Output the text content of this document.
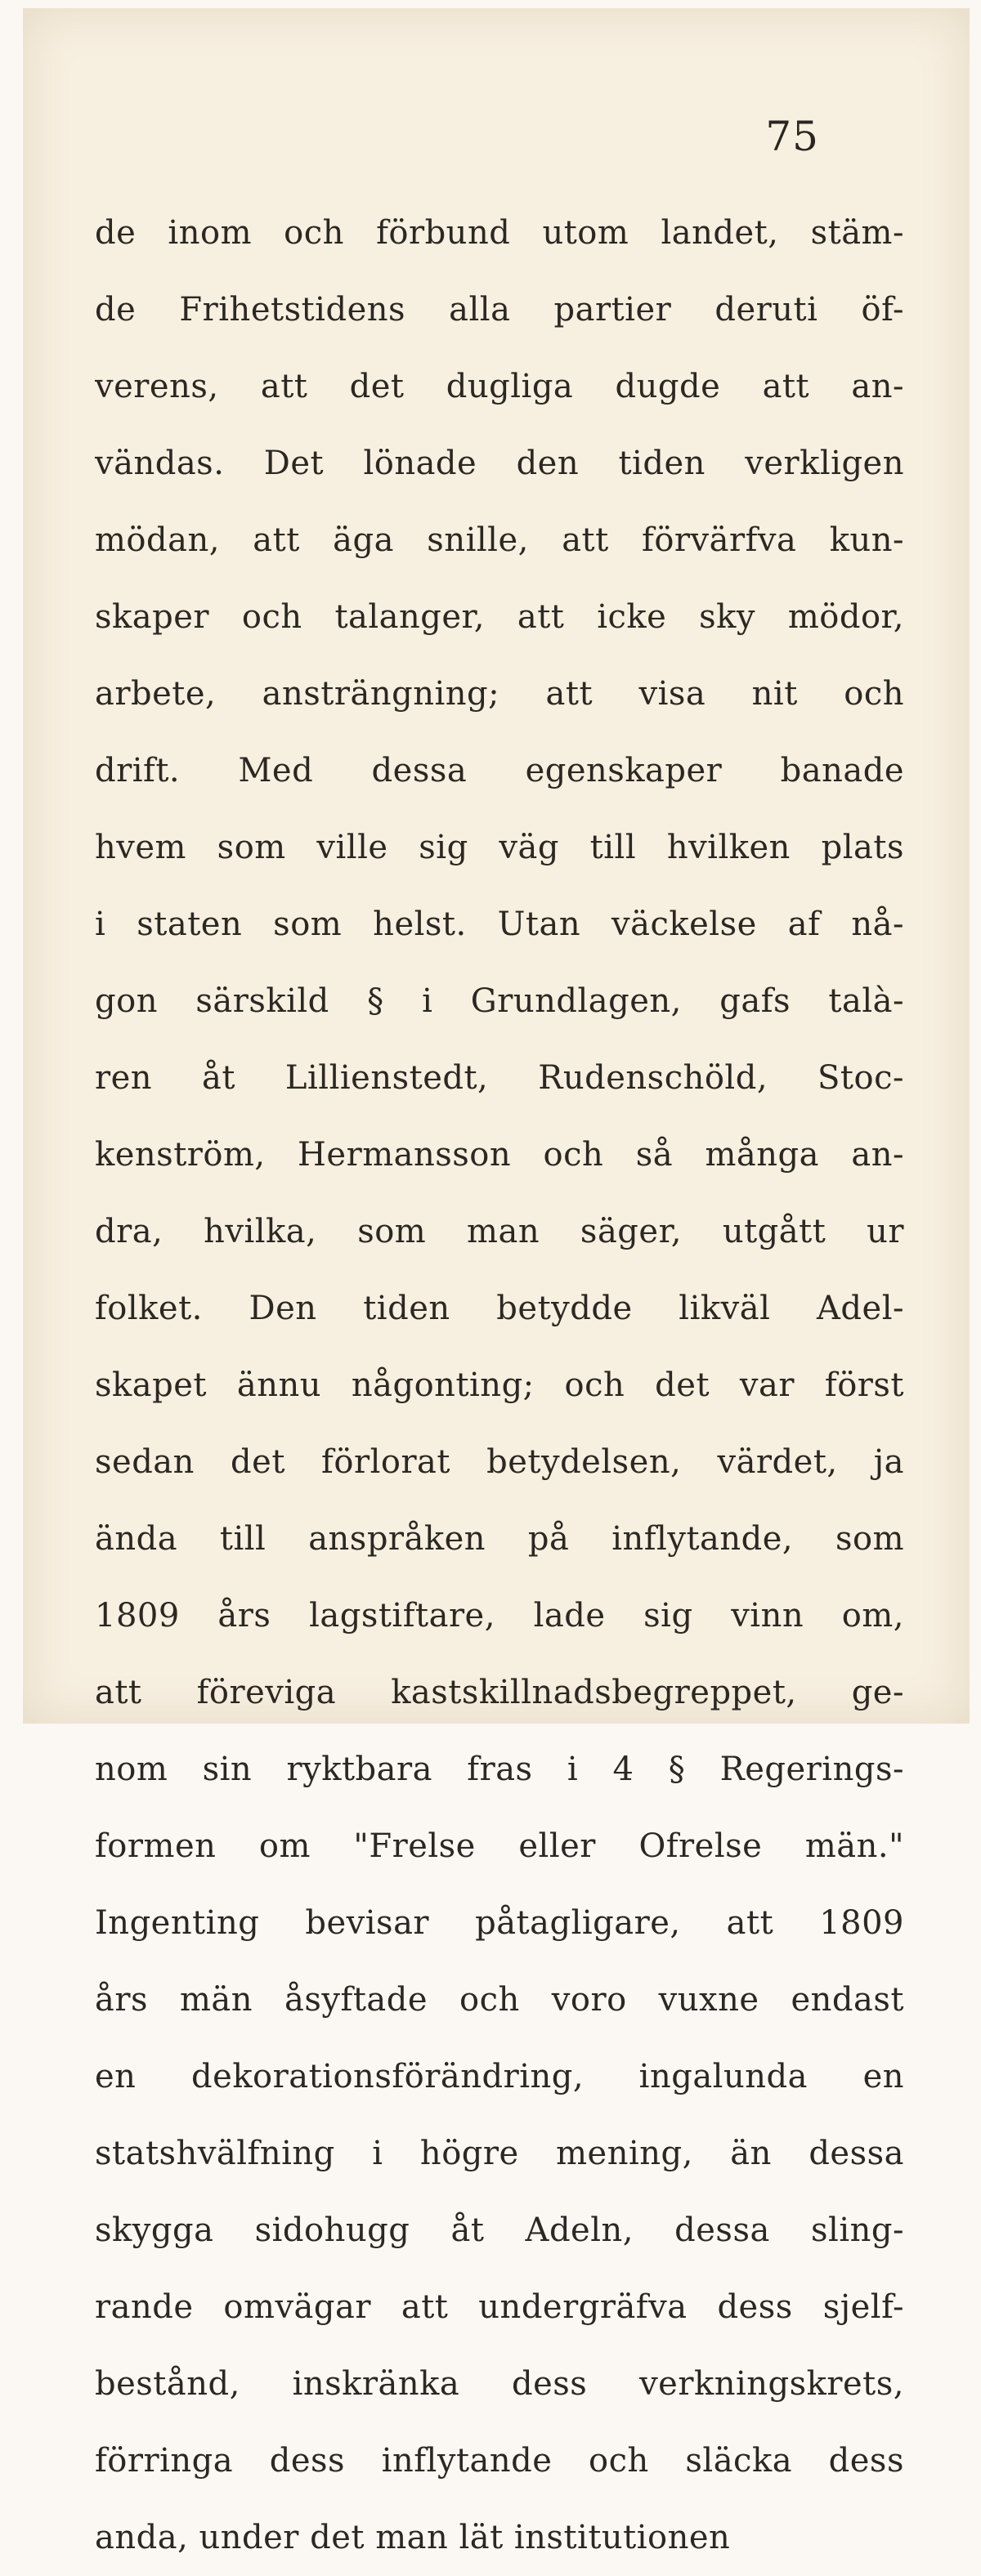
75
de inom och förbund utom landet, stäm-
de Frihetstidens alla partier deruti öf-
verens, att det dugliga dugde att an-
vändas. Det lönade den tiden verkligen
mödan, att äga snille, att förvärfva kun-
skaper och talanger, att icke sky mödor,
arbete, ansträngning; att visa nit och
drift. Med dessa egenskaper banade
hvem som ville sig väg till hvilken plats
i staten som helst. Utan väckelse af nå-
gon särskild § i Grundlagen, gafs talà-
ren åt Lillienstedt, Rudenschöld, Stoc-
kenström, Hermansson och så många an-
dra, hvilka, som man säger, utgått ur
folket. Den tiden betydde likväl Adel-
skapet ännu någonting; och det var först
sedan det förlorat betydelsen, värdet, ja
ända till anspråken på inflytande, som
1809 års lagstiftare, lade sig vinn om,
att föreviga kastskillnadsbegreppet, ge-
nom sin ryktbara fras i 4 § Regerings-
formen om "Frelse eller Ofrelse män."
Ingenting bevisar påtagligare, att 1809
års män åsyftade och voro vuxne endast
en dekorationsförändring, ingalunda en
statshvälfning i högre mening, än dessa
skygga sidohugg åt Adeln, dessa sling-
rande omvägar att undergräfva dess sjelf-
bestånd, inskränka dess verkningskrets,
förringa dess inflytande och släcka dess
anda, under det man lät institutionen
